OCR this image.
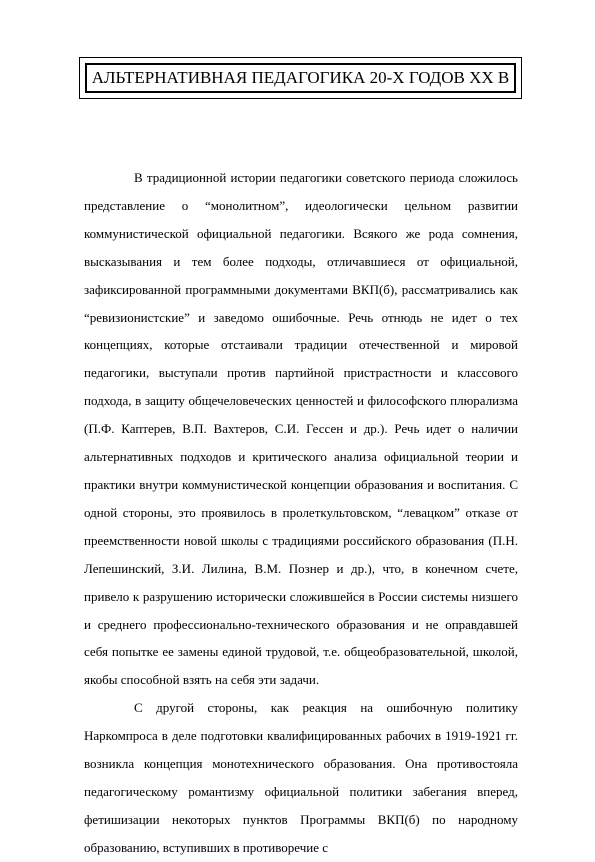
АЛЬТЕРНАТИВНАЯ ПЕДАГОГИКА 20-Х ГОДОВ ХХ В

В традиционной истории педагогики советского периода сложилось представление о “монолитном”, идеологически цельном развитии коммунистической официальной педагогики. Всякого же рода сомнения, высказывания и тем более подходы, отличавшиеся от официальной, зафиксированной программными документами ВКП(б), рассматривались как “ревизионистские” и заведомо ошибочные. Речь отнюдь не идет о тех концепциях, которые отстаивали традиции отечественной и мировой педагогики, выступали против партийной пристрастности и классового подхода, в защиту общечеловеческих ценностей и философского плюрализма (П.Ф. Каптерев, В.П. Вахтеров, С.И. Гессен и др.). Речь идет о наличии альтернативных подходов и критического анализа официальной теории и практики внутри коммунистической концепции образования и воспитания. С одной стороны, это проявилось в пролеткультовском, “левацком” отказе от преемственности новой школы с традициями российского образования (П.Н. Лепешинский, З.И. Лилина, В.М. Познер и др.), что, в конечном счете, привело к разрушению исторически сложившейся в России системы низшего и среднего профессионально-технического образования и не оправдавшей себя попытке ее замены единой трудовой, т.е. общеобразовательной, школой, якобы способной взять на себя эти задачи.

С другой стороны, как реакция на ошибочную политику Наркомпроса в деле подготовки квалифицированных рабочих в 1919-1921 гг. возникла концепция монотехнического образования. Она противостояла педагогическому романтизму официальной политики забегания вперед, фетишизации некоторых пунктов Программы ВКП(б) по народному образованию, вступивших в противоречие с
